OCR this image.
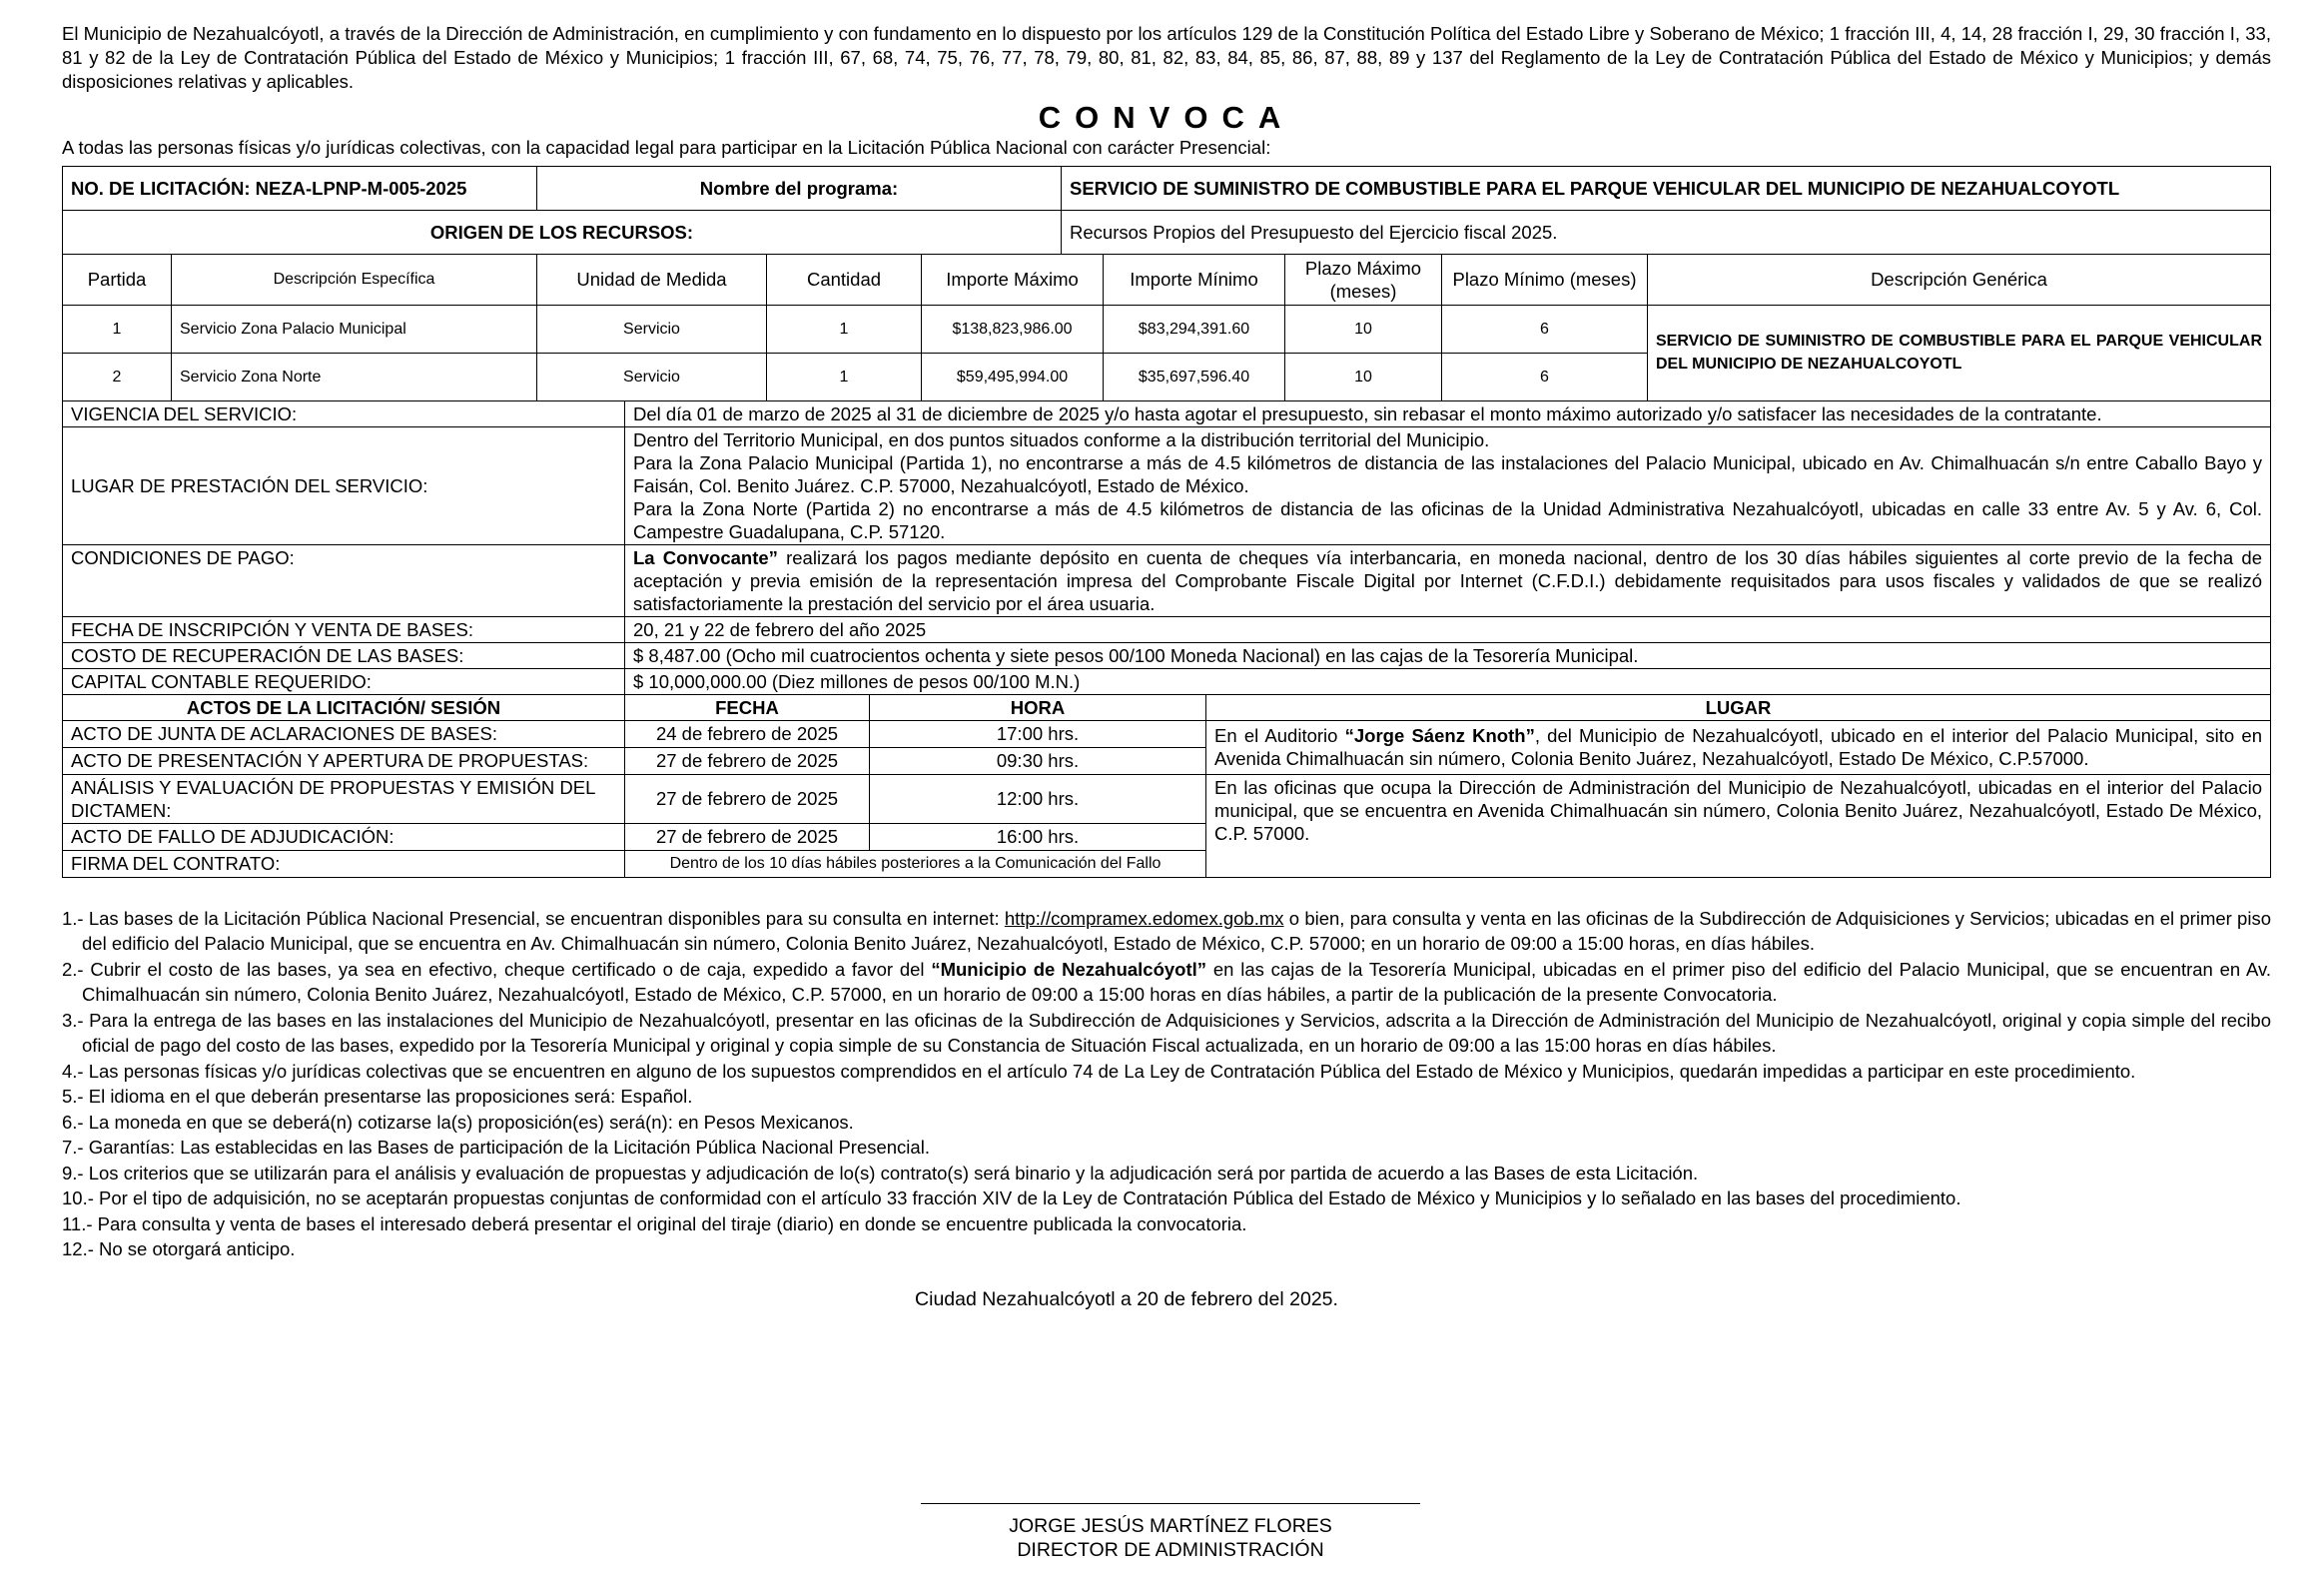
El Municipio de Nezahualcóyotl, a través de la Dirección de Administración, en cumplimiento y con fundamento en lo dispuesto por los artículos 129 de la Constitución Política del Estado Libre y Soberano de México; 1 fracción III, 4, 14, 28 fracción I, 29, 30 fracción I, 33, 81 y 82 de la Ley de Contratación Pública del Estado de México y Municipios; 1 fracción III, 67, 68, 74, 75, 76, 77, 78, 79, 80, 81, 82, 83, 84, 85, 86, 87, 88, 89 y 137 del Reglamento de la Ley de Contratación Pública del Estado de México y Municipios; y demás disposiciones relativas y aplicables.

CONVOCA

A todas las personas físicas y/o jurídicas colectivas, con la capacidad legal para participar en la Licitación Pública Nacional con carácter Presencial:

NO. DE LICITACIÓN: NEZA-LPNP-M-005-2025	Nombre del programa:	SERVICIO DE SUMINISTRO DE COMBUSTIBLE PARA EL PARQUE VEHICULAR DEL MUNICIPIO DE NEZAHUALCOYOTL
ORIGEN DE LOS RECURSOS:		Recursos Propios del Presupuesto del Ejercicio fiscal 2025.
Partida	Descripción Específica	Unidad de Medida	Cantidad	Importe Máximo	Importe Mínimo	Plazo Máximo (meses)	Plazo Mínimo (meses)	Descripción Genérica
1	Servicio Zona Palacio Municipal	Servicio	1	$138,823,986.00	$83,294,391.60	10	6	SERVICIO DE SUMINISTRO DE COMBUSTIBLE PARA EL PARQUE VEHICULAR DEL MUNICIPIO DE NEZAHUALCOYOTL
2	Servicio Zona Norte	Servicio	1	$59,495,994.00	$35,697,596.40	10	6	
VIGENCIA DEL SERVICIO:	Del día 01 de marzo de 2025 al 31 de diciembre de 2025 y/o hasta agotar el presupuesto, sin rebasar el monto máximo autorizado y/o satisfacer las necesidades de la contratante.
LUGAR DE PRESTACIÓN DEL SERVICIO:	Dentro del Territorio Municipal, en dos puntos situados conforme a la distribución territorial del Municipio.
Para la Zona Palacio Municipal (Partida 1), no encontrarse a más de 4.5 kilómetros de distancia de las instalaciones del Palacio Municipal, ubicado en Av. Chimalhuacán s/n entre Caballo Bayo y Faisán, Col. Benito Juárez. C.P. 57000, Nezahualcóyotl, Estado de México.
Para la Zona Norte (Partida 2) no encontrarse a más de 4.5 kilómetros de distancia de las oficinas de la Unidad Administrativa Nezahualcóyotl, ubicadas en calle 33 entre Av. 5 y Av. 6, Col. Campestre Guadalupana, C.P. 57120.

CONDICIONES DE PAGO:	La Convocante” realizará los pagos mediante depósito en cuenta de cheques vía interbancaria, en moneda nacional, dentro de los 30 días hábiles siguientes al corte previo de la fecha de aceptación y previa emisión de la representación impresa del Comprobante Fiscale Digital por Internet (C.F.D.I.) debidamente requisitados para usos fiscales y validados de que se realizó satisfactoriamente la prestación del servicio por el área usuaria.
FECHA DE INSCRIPCIÓN Y VENTA DE BASES:	20, 21 y 22 de febrero del año 2025
COSTO DE RECUPERACIÓN DE LAS BASES:	$ 8,487.00 (Ocho mil cuatrocientos ochenta y siete pesos 00/100 Moneda Nacional) en las cajas de la Tesorería Municipal.
CAPITAL CONTABLE REQUERIDO:	$ 10,000,000.00 (Diez millones de pesos 00/100 M.N.)
ACTOS DE LA LICITACIÓN/ SESIÓN	FECHA	HORA	LUGAR
ACTO DE JUNTA DE ACLARACIONES DE BASES:	24 de febrero de 2025	17:00 hrs.	En el Auditorio “Jorge Sáenz Knoth”, del Municipio de Nezahualcóyotl, ubicado en el interior del Palacio Municipal, sito en Avenida Chimalhuacán sin número, Colonia Benito Juárez, Nezahualcóyotl, Estado De México, C.P.57000.
ACTO DE PRESENTACIÓN Y APERTURA DE PROPUESTAS:	27 de febrero de 2025	09:30 hrs.	
ANÁLISIS Y EVALUACIÓN DE PROPUESTAS Y EMISIÓN DEL DICTAMEN:	27 de febrero de 2025	12:00 hrs.	En las oficinas que ocupa la Dirección de Administración del Municipio de Nezahualcóyotl, ubicadas en el interior del Palacio municipal, que se encuentra en Avenida Chimalhuacán sin número, Colonia Benito Juárez, Nezahualcóyotl, Estado De México, C.P. 57000.
ACTO DE FALLO DE ADJUDICACIÓN:	27 de febrero de 2025	16:00 hrs.	
FIRMA DEL CONTRATO:	Dentro de los 10 días hábiles posteriores a la Comunicación del Fallo		
1.- Las bases de la Licitación Pública Nacional Presencial, se encuentran disponibles para su consulta en internet: http://compramex.edomex.gob.mx o bien, para consulta y venta en las oficinas de la Subdirección de Adquisiciones y Servicios; ubicadas en el primer piso del edificio del Palacio Municipal, que se encuentra en Av. Chimalhuacán sin número, Colonia Benito Juárez, Nezahualcóyotl, Estado de México, C.P. 57000; en un horario de 09:00 a 15:00 horas, en días hábiles.
2.- Cubrir el costo de las bases, ya sea en efectivo, cheque certificado o de caja, expedido a favor del “Municipio de Nezahualcóyotl” en las cajas de la Tesorería Municipal, ubicadas en el primer piso del edificio del Palacio Municipal, que se encuentran en Av. Chimalhuacán sin número, Colonia Benito Juárez, Nezahualcóyotl, Estado de México, C.P. 57000, en un horario de 09:00 a 15:00 horas en días hábiles, a partir de la publicación de la presente Convocatoria.
3.- Para la entrega de las bases en las instalaciones del Municipio de Nezahualcóyotl, presentar en las oficinas de la Subdirección de Adquisiciones y Servicios, adscrita a la Dirección de Administración del Municipio de Nezahualcóyotl, original y copia simple del recibo oficial de pago del costo de las bases, expedido por la Tesorería Municipal y original y copia simple de su Constancia de Situación Fiscal actualizada, en un horario de 09:00 a las 15:00 horas en días hábiles.
4.- Las personas físicas y/o jurídicas colectivas que se encuentren en alguno de los supuestos comprendidos en el artículo 74 de La Ley de Contratación Pública del Estado de México y Municipios, quedarán impedidas a participar en este procedimiento.
5.- El idioma en el que deberán presentarse las proposiciones será: Español.
6.- La moneda en que se deberá(n) cotizarse la(s) proposición(es) será(n): en Pesos Mexicanos.
7.- Garantías: Las establecidas en las Bases de participación de la Licitación Pública Nacional Presencial.
9.- Los criterios que se utilizarán para el análisis y evaluación de propuestas y adjudicación de lo(s) contrato(s) será binario y la adjudicación será por partida de acuerdo a las Bases de esta Licitación.
10.- Por el tipo de adquisición, no se aceptarán propuestas conjuntas de conformidad con el artículo 33 fracción XIV de la Ley de Contratación Pública del Estado de México y Municipios y lo señalado en las bases del procedimiento.
11.- Para consulta y venta de bases el interesado deberá presentar el original del tiraje (diario) en donde se encuentre publicada la convocatoria.
12.- No se otorgará anticipo.
Ciudad Nezahualcóyotl a 20 de febrero del 2025.
JORGE JESÚS MARTÍNEZ FLORES
DIRECTOR DE ADMINISTRACIÓN
